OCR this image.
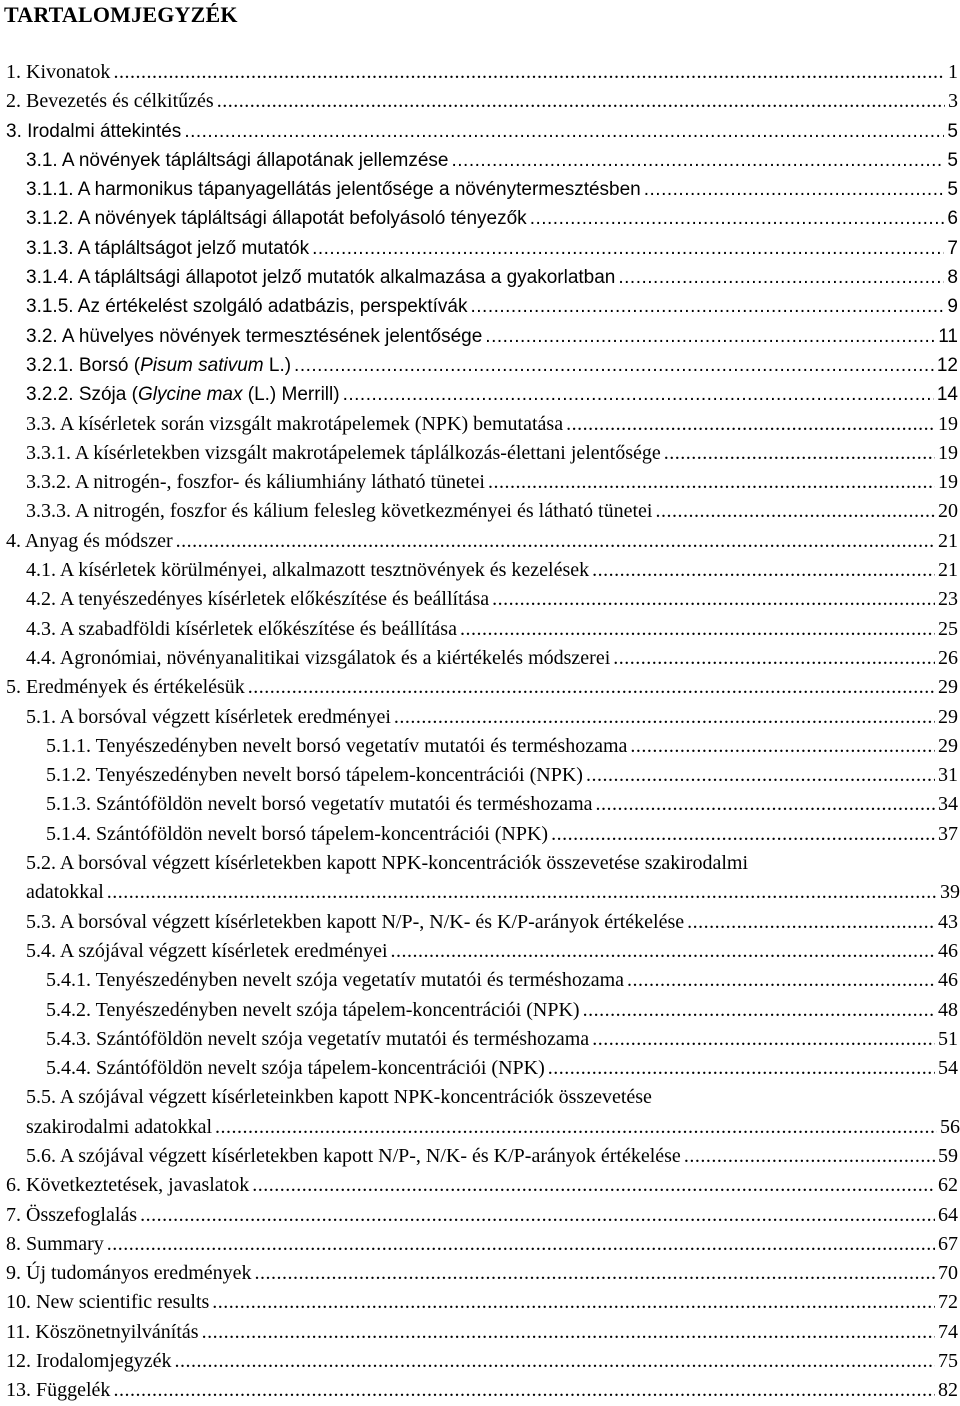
TARTALOMJEGYZÉK
1. Kivonatok .....	1
2. Bevezetés és célkitűzés .....	3
3. Irodalmi áttekintés .....	5
3.1. A növények tápláltsági állapotának jellemzése .....	5
3.1.1. A harmonikus tápanyagellátás jelentősége a növénytermesztésben .....	5
3.1.2. A növények tápláltsági állapotát befolyásoló tényezők .....	6
3.1.3. A tápláltságot jelző mutatók .....	7
3.1.4. A tápláltsági állapotot jelző mutatók alkalmazása a gyakorlatban .....	8
3.1.5. Az értékelést szolgáló adatbázis, perspektívák .....	9
3.2. A hüvelyes növények termesztésének jelentősége .....	11
3.2.1. Borsó (Pisum sativum L.) .....	12
3.2.2. Szója (Glycine max (L.) Merrill) .....	14
3.3. A kísérletek során vizsgált makrotápelemek (NPK) bemutatása .....	19
3.3.1. A kísérletekben vizsgált makrotápelemek táplálkozás-élettani jelentősége .....	19
3.3.2. A nitrogén-, foszfor- és káliumhiány látható tünetei .....	19
3.3.3. A nitrogén, foszfor és kálium felesleg következményei és látható tünetei .....	20
4. Anyag és módszer .....	21
4.1. A kísérletek körülményei, alkalmazott tesztnövények és kezelések .....	21
4.2. A tenyészedényes kísérletek előkészítése és beállítása .....	23
4.3. A szabadföldi kísérletek előkészítése és beállítása .....	25
4.4. Agronómiai, növényanalitikai vizsgálatok és a kiértékelés módszerei .....	26
5. Eredmények és értékelésük .....	29
5.1. A borsóval végzett kísérletek eredményei .....	29
5.1.1. Tenyészedényben nevelt borsó vegetatív mutatói és terméshozama .....	29
5.1.2. Tenyészedényben nevelt borsó tápelem-koncentrációi (NPK) .....	31
5.1.3. Szántóföldön nevelt borsó vegetatív mutatói és terméshozama .....	34
5.1.4. Szántóföldön nevelt borsó tápelem-koncentrációi (NPK) .....	37
5.2. A borsóval végzett kísérletekben kapott NPK-koncentrációk összevetése szakirodalmi
adatokkal .....	39
5.3. A borsóval végzett kísérletekben kapott N/P-, N/K- és K/P-arányok értékelése .....	43
5.4. A szójával végzett kísérletek eredményei .....	46
5.4.1. Tenyészedényben nevelt szója vegetatív mutatói és terméshozama .....	46
5.4.2. Tenyészedényben nevelt szója tápelem-koncentrációi (NPK) .....	48
5.4.3. Szántóföldön nevelt szója vegetatív mutatói és terméshozama .....	51
5.4.4. Szántóföldön nevelt szója tápelem-koncentrációi (NPK) .....	54
5.5. A szójával végzett kísérleteinkben kapott NPK-koncentrációk összevetése
szakirodalmi adatokkal .....	56
5.6. A szójával végzett kísérletekben kapott N/P-, N/K- és K/P-arányok értékelése .....	59
6. Következtetések, javaslatok .....	62
7. Összefoglalás .....	64
8. Summary .....	67
9. Új tudományos eredmények .....	70
10. New scientific results .....	72
11. Köszönetnyilvánítás .....	74
12. Irodalomjegyzék .....	75
13. Függelék .....	82
